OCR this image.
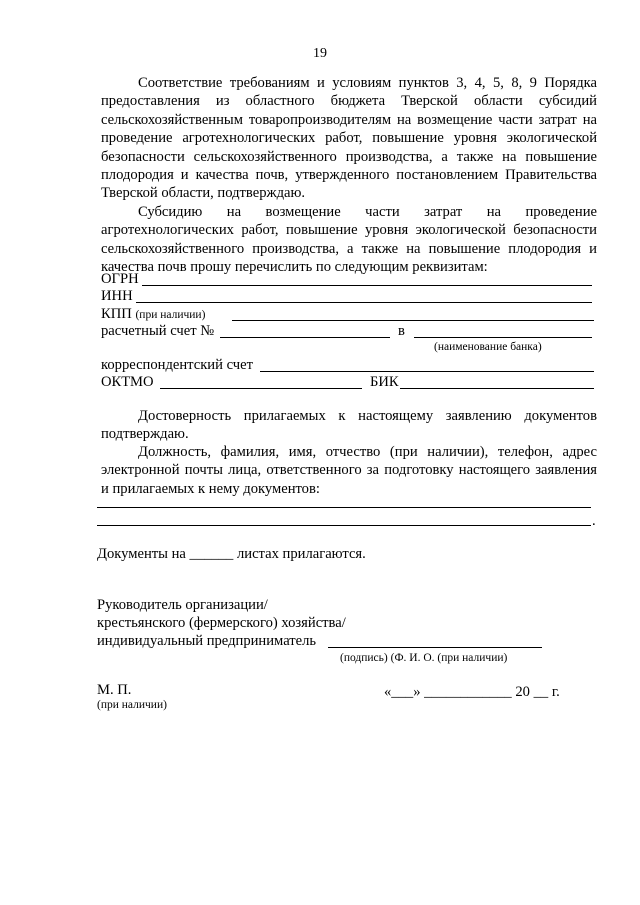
19

Соответствие требованиям и условиям пунктов 3, 4, 5, 8, 9 Порядка предоставления из областного бюджета Тверской области субсидий сельскохозяйственным товаропроизводителям на возмещение части затрат на проведение агротехнологических работ, повышение уровня экологической безопасности сельскохозяйственного производства, а также на повышение плодородия и качества почв, утвержденного постановлением Правительства Тверской области, подтверждаю.

Субсидию на возмещение части затрат на проведение агротехнологических работ, повышение уровня экологической безопасности сельскохозяйственного производства, а также на повышение плодородия и качества почв прошу перечислить по следующим реквизитам:

ОГРН
ИНН
КПП (при наличии)
расчетный счет №	в
(наименование банка)
корреспондентский счет
ОКТМО	БИК

Достоверность прилагаемых к настоящему заявлению документов подтверждаю.

Должность, фамилия, имя, отчество (при наличии), телефон, адрес электронной почты лица, ответственного за подготовку настоящего заявления и прилагаемых к нему документов:

.
Документы на ______ листах прилагаются.
Руководитель организации/
крестьянского (фермерского) хозяйства/
индивидуальный предприниматель
(подпись) (Ф. И. О. (при наличии)
М. П.
(при наличии)
«___» ____________ 20 __ г.
